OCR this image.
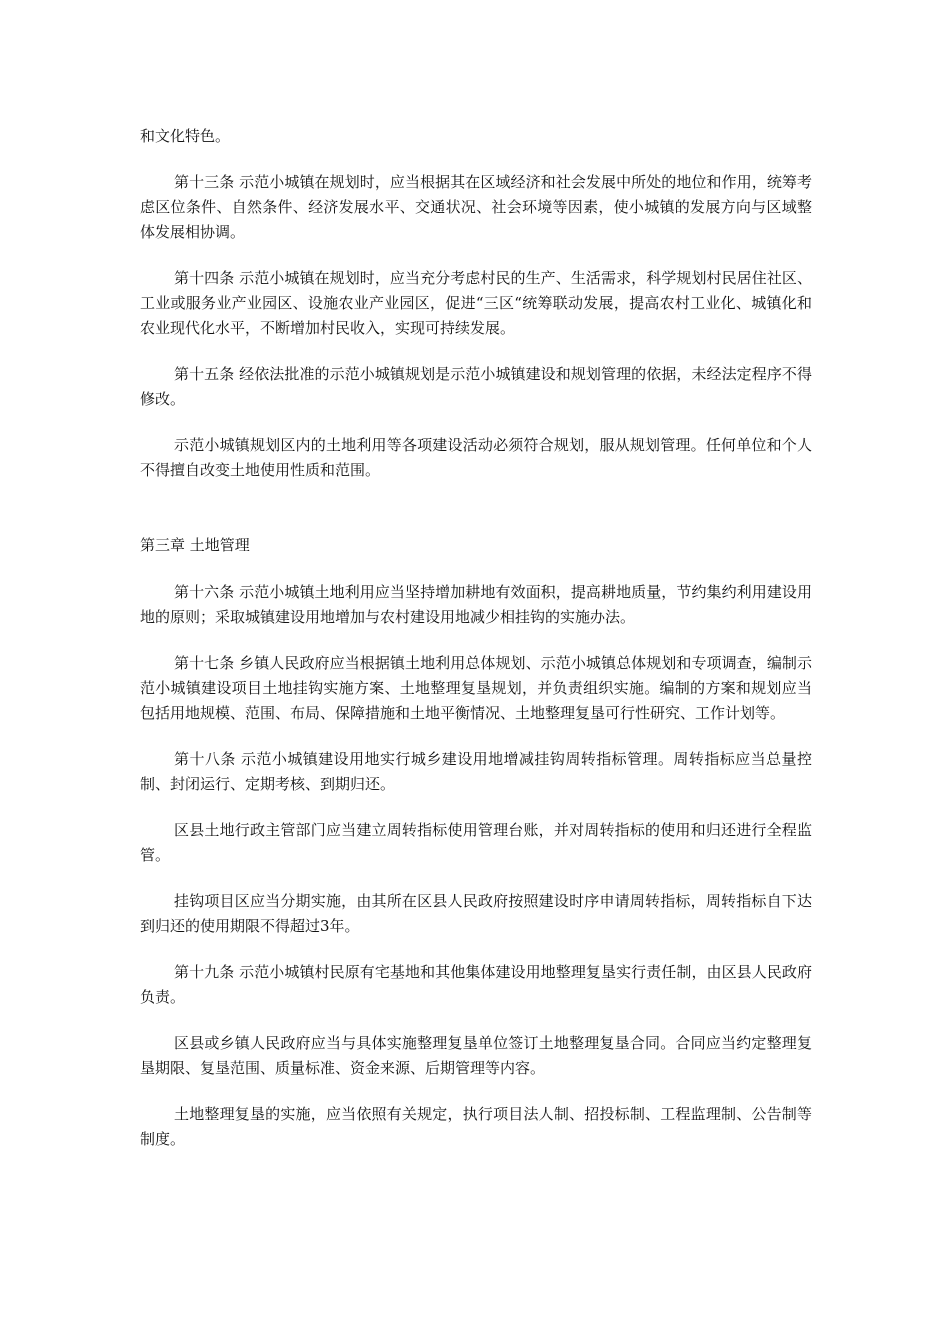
和文化特色。

第十三条 示范小城镇在规划时，应当根据其在区域经济和社会发展中所处的地位和作用，统筹考虑区位条件、自然条件、经济发展水平、交通状况、社会环境等因素，使小城镇的发展方向与区域整体发展相协调。

第十四条 示范小城镇在规划时，应当充分考虑村民的生产、生活需求，科学规划村民居住社区、工业或服务业产业园区、设施农业产业园区，促进“三区“统筹联动发展，提高农村工业化、城镇化和农业现代化水平，不断增加村民收入，实现可持续发展。

第十五条 经依法批准的示范小城镇规划是示范小城镇建设和规划管理的依据，未经法定程序不得修改。

示范小城镇规划区内的土地利用等各项建设活动必须符合规划，服从规划管理。任何单位和个人不得擅自改变土地使用性质和范围。

第三章 土地管理

第十六条 示范小城镇土地利用应当坚持增加耕地有效面积，提高耕地质量，节约集约利用建设用地的原则；采取城镇建设用地增加与农村建设用地减少相挂钩的实施办法。

第十七条 乡镇人民政府应当根据镇土地利用总体规划、示范小城镇总体规划和专项调查，编制示范小城镇建设项目土地挂钩实施方案、土地整理复垦规划，并负责组织实施。编制的方案和规划应当包括用地规模、范围、布局、保障措施和土地平衡情况、土地整理复垦可行性研究、工作计划等。

第十八条 示范小城镇建设用地实行城乡建设用地增减挂钩周转指标管理。周转指标应当总量控制、封闭运行、定期考核、到期归还。

区县土地行政主管部门应当建立周转指标使用管理台账，并对周转指标的使用和归还进行全程监管。

挂钩项目区应当分期实施，由其所在区县人民政府按照建设时序申请周转指标，周转指标自下达到归还的使用期限不得超过3年。

第十九条 示范小城镇村民原有宅基地和其他集体建设用地整理复垦实行责任制，由区县人民政府负责。

区县或乡镇人民政府应当与具体实施整理复垦单位签订土地整理复垦合同。合同应当约定整理复垦期限、复垦范围、质量标准、资金来源、后期管理等内容。

土地整理复垦的实施，应当依照有关规定，执行项目法人制、招投标制、工程监理制、公告制等制度。
